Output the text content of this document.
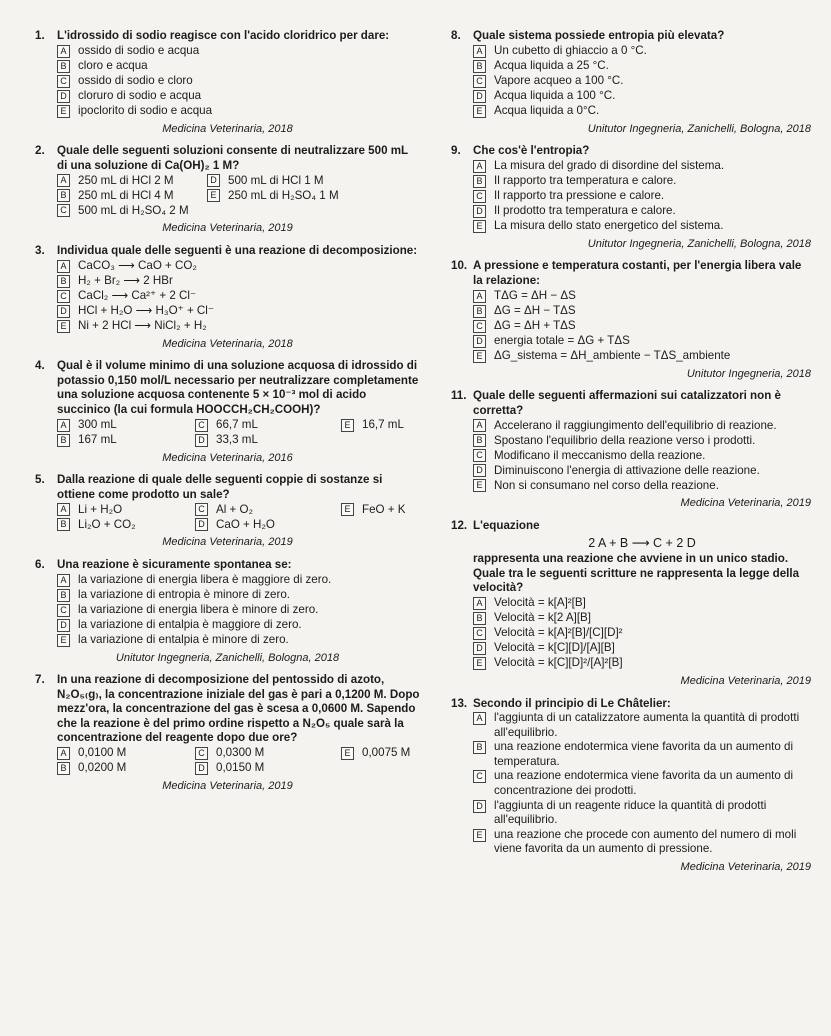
1.	L'idrossido di sodio reagisce con l'acido cloridrico per dare:
A ossido di sodio e acqua
B cloro e acqua
C ossido di sodio e cloro
D cloruro di sodio e acqua
E ipoclorito di sodio e acqua
Medicina Veterinaria, 2018
2.	Quale delle seguenti soluzioni consente di neutralizzare 500 mL di una soluzione di Ca(OH)₂ 1 M?
A 250 mL di HCl 2 M	D 500 mL di HCl 1 M
B 250 mL di HCl 4 M	E 250 mL di H₂SO₄ 1 M
C 500 mL di H₂SO₄ 2 M
Medicina Veterinaria, 2019
3.	Individua quale delle seguenti è una reazione di decomposizione:
A CaCO₃ ⟶ CaO + CO₂
B H₂ + Br₂ ⟶ 2 HBr
C CaCl₂ ⟶ Ca²⁺ + 2 Cl⁻
D HCl + H₂O ⟶ H₃O⁺ + Cl⁻
E Ni + 2 HCl ⟶ NiCl₂ + H₂
Medicina Veterinaria, 2018
4.	Qual è il volume minimo di una soluzione acquosa di idrossido di potassio 0,150 mol/L necessario per neutralizzare completamente una soluzione acquosa contenente 5 × 10⁻³ mol di acido succinico (la cui formula HOOCCH₂CH₂COOH)?
A 300 mL	C 66,7 mL	E 16,7 mL
B 167 mL	D 33,3 mL
Medicina Veterinaria, 2016
5.	Dalla reazione di quale delle seguenti coppie di sostanze si ottiene come prodotto un sale?
A Li + H₂O	C Al + O₂	E FeO + K
B Li₂O + CO₂	D CaO + H₂O
Medicina Veterinaria, 2019
6.	Una reazione è sicuramente spontanea se:
A la variazione di energia libera è maggiore di zero.
B la variazione di entropia è minore di zero.
C la variazione di energia libera è minore di zero.
D la variazione di entalpia è maggiore di zero.
E la variazione di entalpia è minore di zero.
Unitutor Ingegneria, Zanichelli, Bologna, 2018
7.	In una reazione di decomposizione del pentossido di azoto, N₂O₅₍g₎, la concentrazione iniziale del gas è pari a 0,1200 M. Dopo mezz'ora, la concentrazione del gas è scesa a 0,0600 M. Sapendo che la reazione è del primo ordine rispetto a N₂O₅ quale sarà la concentrazione del reagente dopo due ore?
A 0,0100 M	C 0,0300 M	E 0,0075 M
B 0,0200 M	D 0,0150 M
Medicina Veterinaria, 2019
8.	Quale sistema possiede entropia più elevata?
A Un cubetto di ghiaccio a 0 °C.
B Acqua liquida a 25 °C.
C Vapore acqueo a 100 °C.
D Acqua liquida a 100 °C.
E Acqua liquida a 0°C.
Unitutor Ingegneria, Zanichelli, Bologna, 2018
9.	Che cos'è l'entropia?
A La misura del grado di disordine del sistema.
B Il rapporto tra temperatura e calore.
C Il rapporto tra pressione e calore.
D Il prodotto tra temperatura e calore.
E La misura dello stato energetico del sistema.
Unitutor Ingegneria, Zanichelli, Bologna, 2018
10. A pressione e temperatura costanti, per l'energia libera vale la relazione:
A TΔG = ΔH − ΔS
B ΔG = ΔH − TΔS
C ΔG = ΔH + TΔS
D energia totale = ΔG + TΔS
E ΔG_sistema = ΔH_ambiente − TΔS_ambiente
Unitutor Ingegneria, 2018
11. Quale delle seguenti affermazioni sui catalizzatori non è corretta?
A Accelerano il raggiungimento dell'equilibrio di reazione.
B Spostano l'equilibrio della reazione verso i prodotti.
C Modificano il meccanismo della reazione.
D Diminuiscono l'energia di attivazione delle reazione.
E Non si consumano nel corso della reazione.
Medicina Veterinaria, 2019
12. L'equazione
2 A + B ⟶ C + 2 D
rappresenta una reazione che avviene in un unico stadio. Quale tra le seguenti scritture ne rappresenta la legge della velocità?
A Velocità = k[A]²[B]
B Velocità = k[2 A][B]
C Velocità = k[A]²[B]/[C][D]²
D Velocità = k[C][D]/[A][B]
E Velocità = k[C][D]²/[A]²[B]
Medicina Veterinaria, 2019
13. Secondo il principio di Le Châtelier:
A l'aggiunta di un catalizzatore aumenta la quantità di prodotti all'equilibrio.
B una reazione endotermica viene favorita da un aumento di temperatura.
C una reazione endotermica viene favorita da un aumento di concentrazione dei prodotti.
D l'aggiunta di un reagente riduce la quantità di prodotti all'equilibrio.
E una reazione che procede con aumento del numero di moli viene favorita da un aumento di pressione.
Medicina Veterinaria, 2019
